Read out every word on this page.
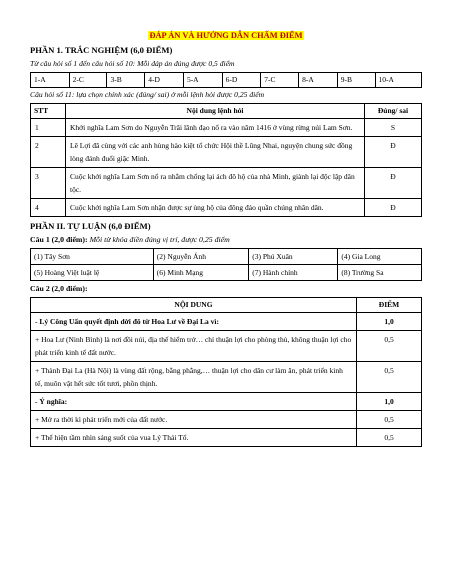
ĐÁP ÁN VÀ HƯỚNG DẪN CHẤM ĐIỂM
PHẦN 1. TRẮC NGHIỆM (6,0 ĐIỂM)
Từ câu hỏi số 1 đến câu hỏi số 10: Mỗi đáp án đúng được 0,5 điểm
1-A	2-C	3-B	4-D	5-A	6-D	7-C	8-A	9-B	10-A
Câu hỏi số 11: lựa chọn chính xác (đúng/ sai) ở mỗi lệnh hỏi được 0,25 điểm
STT	Nội dung lệnh hỏi	Đúng/ sai
1	Khởi nghĩa Lam Sơn do Nguyễn Trãi lãnh đạo nổ ra vào năm 1416 ở vùng rừng núi Lam Sơn.	S
2	Lê Lợi đã cùng với các anh hùng hào kiệt tổ chức Hội thề Lũng Nhai, nguyện chung sức đồng lòng đánh đuổi giặc Minh.	Đ
3	Cuộc khởi nghĩa Lam Sơn nổ ra nhằm chống lại ách đô hộ của nhà Minh, giành lại độc lập dân tộc.	Đ
4	Cuộc khởi nghĩa Lam Sơn nhận được sự ủng hộ của đông đảo quần chúng nhân dân.	Đ
PHẦN II. TỰ LUẬN (6,0 ĐIỂM)
Câu 1 (2,0 điểm): Mỗi từ khóa điền đúng vị trí, được 0,25 điểm
(1) Tây Sơn	(2) Nguyễn Ánh	(3) Phú Xuân	(4) Gia Long
(5) Hoàng Việt luật lệ	(6) Minh Mạng	(7) Hành chính	(8) Trường Sa
Câu 2 (2,0 điểm):
NỘI DUNG	ĐIỂM
- Lý Công Uẩn quyết định dời đô từ Hoa Lư về Đại La vì:	1,0
+ Hoa Lư (Ninh Bình) là nơi đồi núi, địa thế hiểm trở… chỉ thuận lợi cho phòng thủ, không thuận lợi cho phát triển kinh tế đất nước.	0,5
+ Thành Đại La (Hà Nội) là vùng đất rộng, bằng phẳng,… thuận lợi cho dân cư làm ăn, phát triển kinh tế, muôn vật hết sức tốt tươi, phồn thịnh.	0,5
- Ý nghĩa:	1,0
+ Mở ra thời kì phát triển mới của đất nước.	0,5
+ Thể hiện tầm nhìn sáng suốt của vua Lý Thái Tổ.	0,5
